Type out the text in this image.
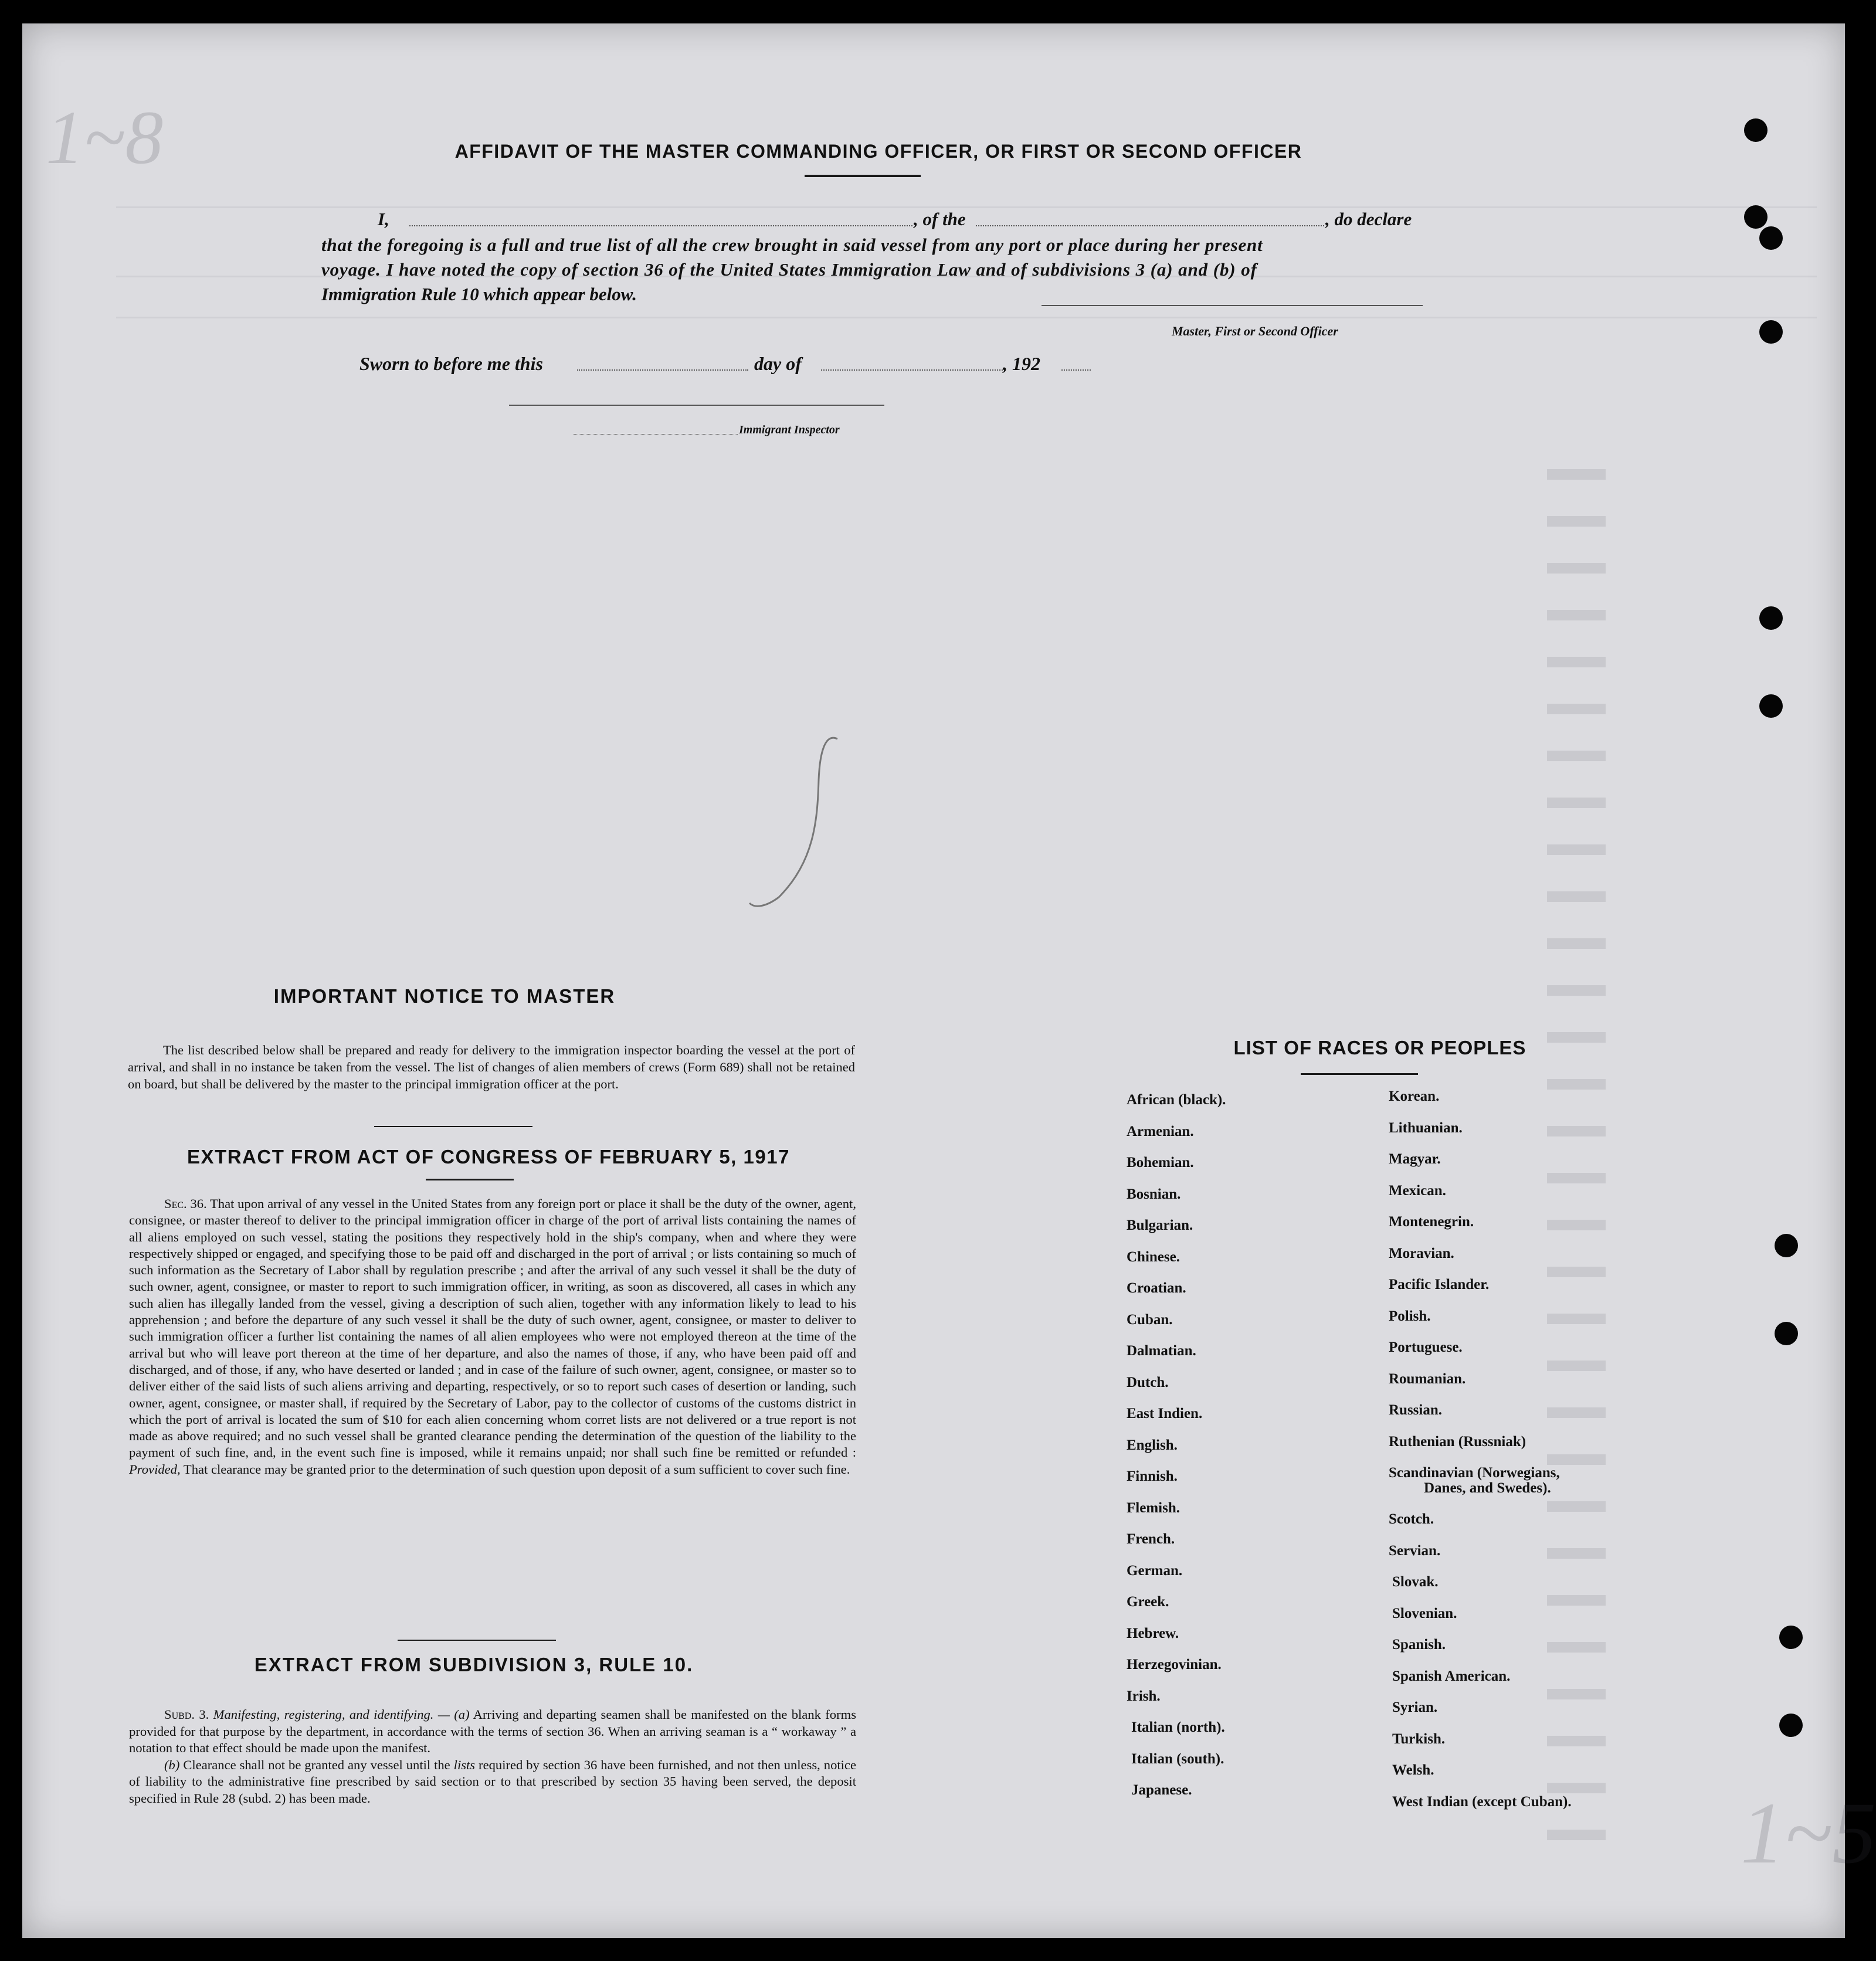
1~8
1~5
AFFIDAVIT OF THE MASTER COMMANDING OFFICER, OR FIRST OR SECOND OFFICER
I,	, of the	, do declare
that the foregoing is a full and true list of all the crew brought in said vessel from any port or place during her present
voyage. I have noted the copy of section 36 of the United States Immigration Law and of subdivisions 3 (a) and (b) of
Immigration Rule 10 which appear below.
Master, First or Second Officer
Sworn to before me this	day of	, 192
Immigrant Inspector
IMPORTANT NOTICE TO MASTER
The list described below shall be prepared and ready for delivery to the immigration inspector boarding the vessel at the port of arrival, and shall in no instance be taken from the vessel. The list of changes of alien members of crews (Form 689) shall not be retained on board, but shall be delivered by the master to the principal immigration officer at the port.
EXTRACT FROM ACT OF CONGRESS OF FEBRUARY 5, 1917

Sec. 36. That upon arrival of any vessel in the United States from any foreign port or place it shall be the duty of the owner, agent, consignee, or master thereof to deliver to the principal immigration officer in charge of the port of arrival lists containing the names of all aliens employed on such vessel, stating the positions they respectively hold in the ship's company, when and where they were respectively shipped or engaged, and specifying those to be paid off and discharged in the port of arrival ; or lists containing so much of such information as the Secretary of Labor shall by regulation prescribe ; and after the arrival of any such vessel it shall be the duty of such owner, agent, consignee, or master to report to such immigration officer, in writing, as soon as discovered, all cases in which any such alien has illegally landed from the vessel, giving a description of such alien, together with any information likely to lead to his apprehension ; and before the departure of any such vessel it shall be the duty of such owner, agent, consignee, or master to deliver to such immigration officer a further list containing the names of all alien employees who were not employed thereon at the time of the arrival but who will leave port thereon at the time of her departure, and also the names of those, if any, who have been paid off and discharged, and of those, if any, who have deserted or landed ; and in case of the failure of such owner, agent, consignee, or master so to deliver either of the said lists of such aliens arriving and departing, respectively, or so to report such cases of desertion or landing, such owner, agent, consignee, or master shall, if required by the Secretary of Labor, pay to the collector of customs of the customs district in which the port of arrival is located the sum of $10 for each alien concerning whom corret lists are not delivered or a true report is not made as above required; and no such vessel shall be granted clearance pending the determination of the question of the liability to the payment of such fine, and, in the event such fine is imposed, while it remains unpaid; nor shall such fine be remitted or refunded : Provided, That clearance may be granted prior to the determination of such question upon deposit of a sum sufficient to cover such fine.

EXTRACT FROM SUBDIVISION 3, RULE 10.

Subd. 3. Manifesting, registering, and identifying. — (a) Arriving and departing seamen shall be manifested on the blank forms provided for that purpose by the department, in accordance with the terms of section 36. When an arriving seaman is a “ workaway ” a notation to that effect should be made upon the manifest.

(b) Clearance shall not be granted any vessel until the lists required by section 36 have been furnished, and not then unless, notice of liability to the administrative fine prescribed by said section or to that prescribed by section 35 having been served, the deposit specified in Rule 28 (subd. 2) has been made.

LIST OF RACES OR PEOPLES
African (black).
Armenian.
Bohemian.
Bosnian.
Bulgarian.
Chinese.
Croatian.
Cuban.
Dalmatian.
Dutch.
East Indien.
English.
Finnish.
Flemish.
French.
German.
Greek.
Hebrew.
Herzegovinian.
Irish.
Italian (north).
Italian (south).
Japanese.
Korean.
Lithuanian.
Magyar.
Mexican.
Montenegrin.
Moravian.
Pacific Islander.
Polish.
Portuguese.
Roumanian.
Russian.
Ruthenian (Russniak)
Scandinavian (Norwegians,
Danes, and Swedes).
Scotch.
Servian.
Slovak.
Slovenian.
Spanish.
Spanish American.
Syrian.
Turkish.
Welsh.
West Indian (except Cuban).
